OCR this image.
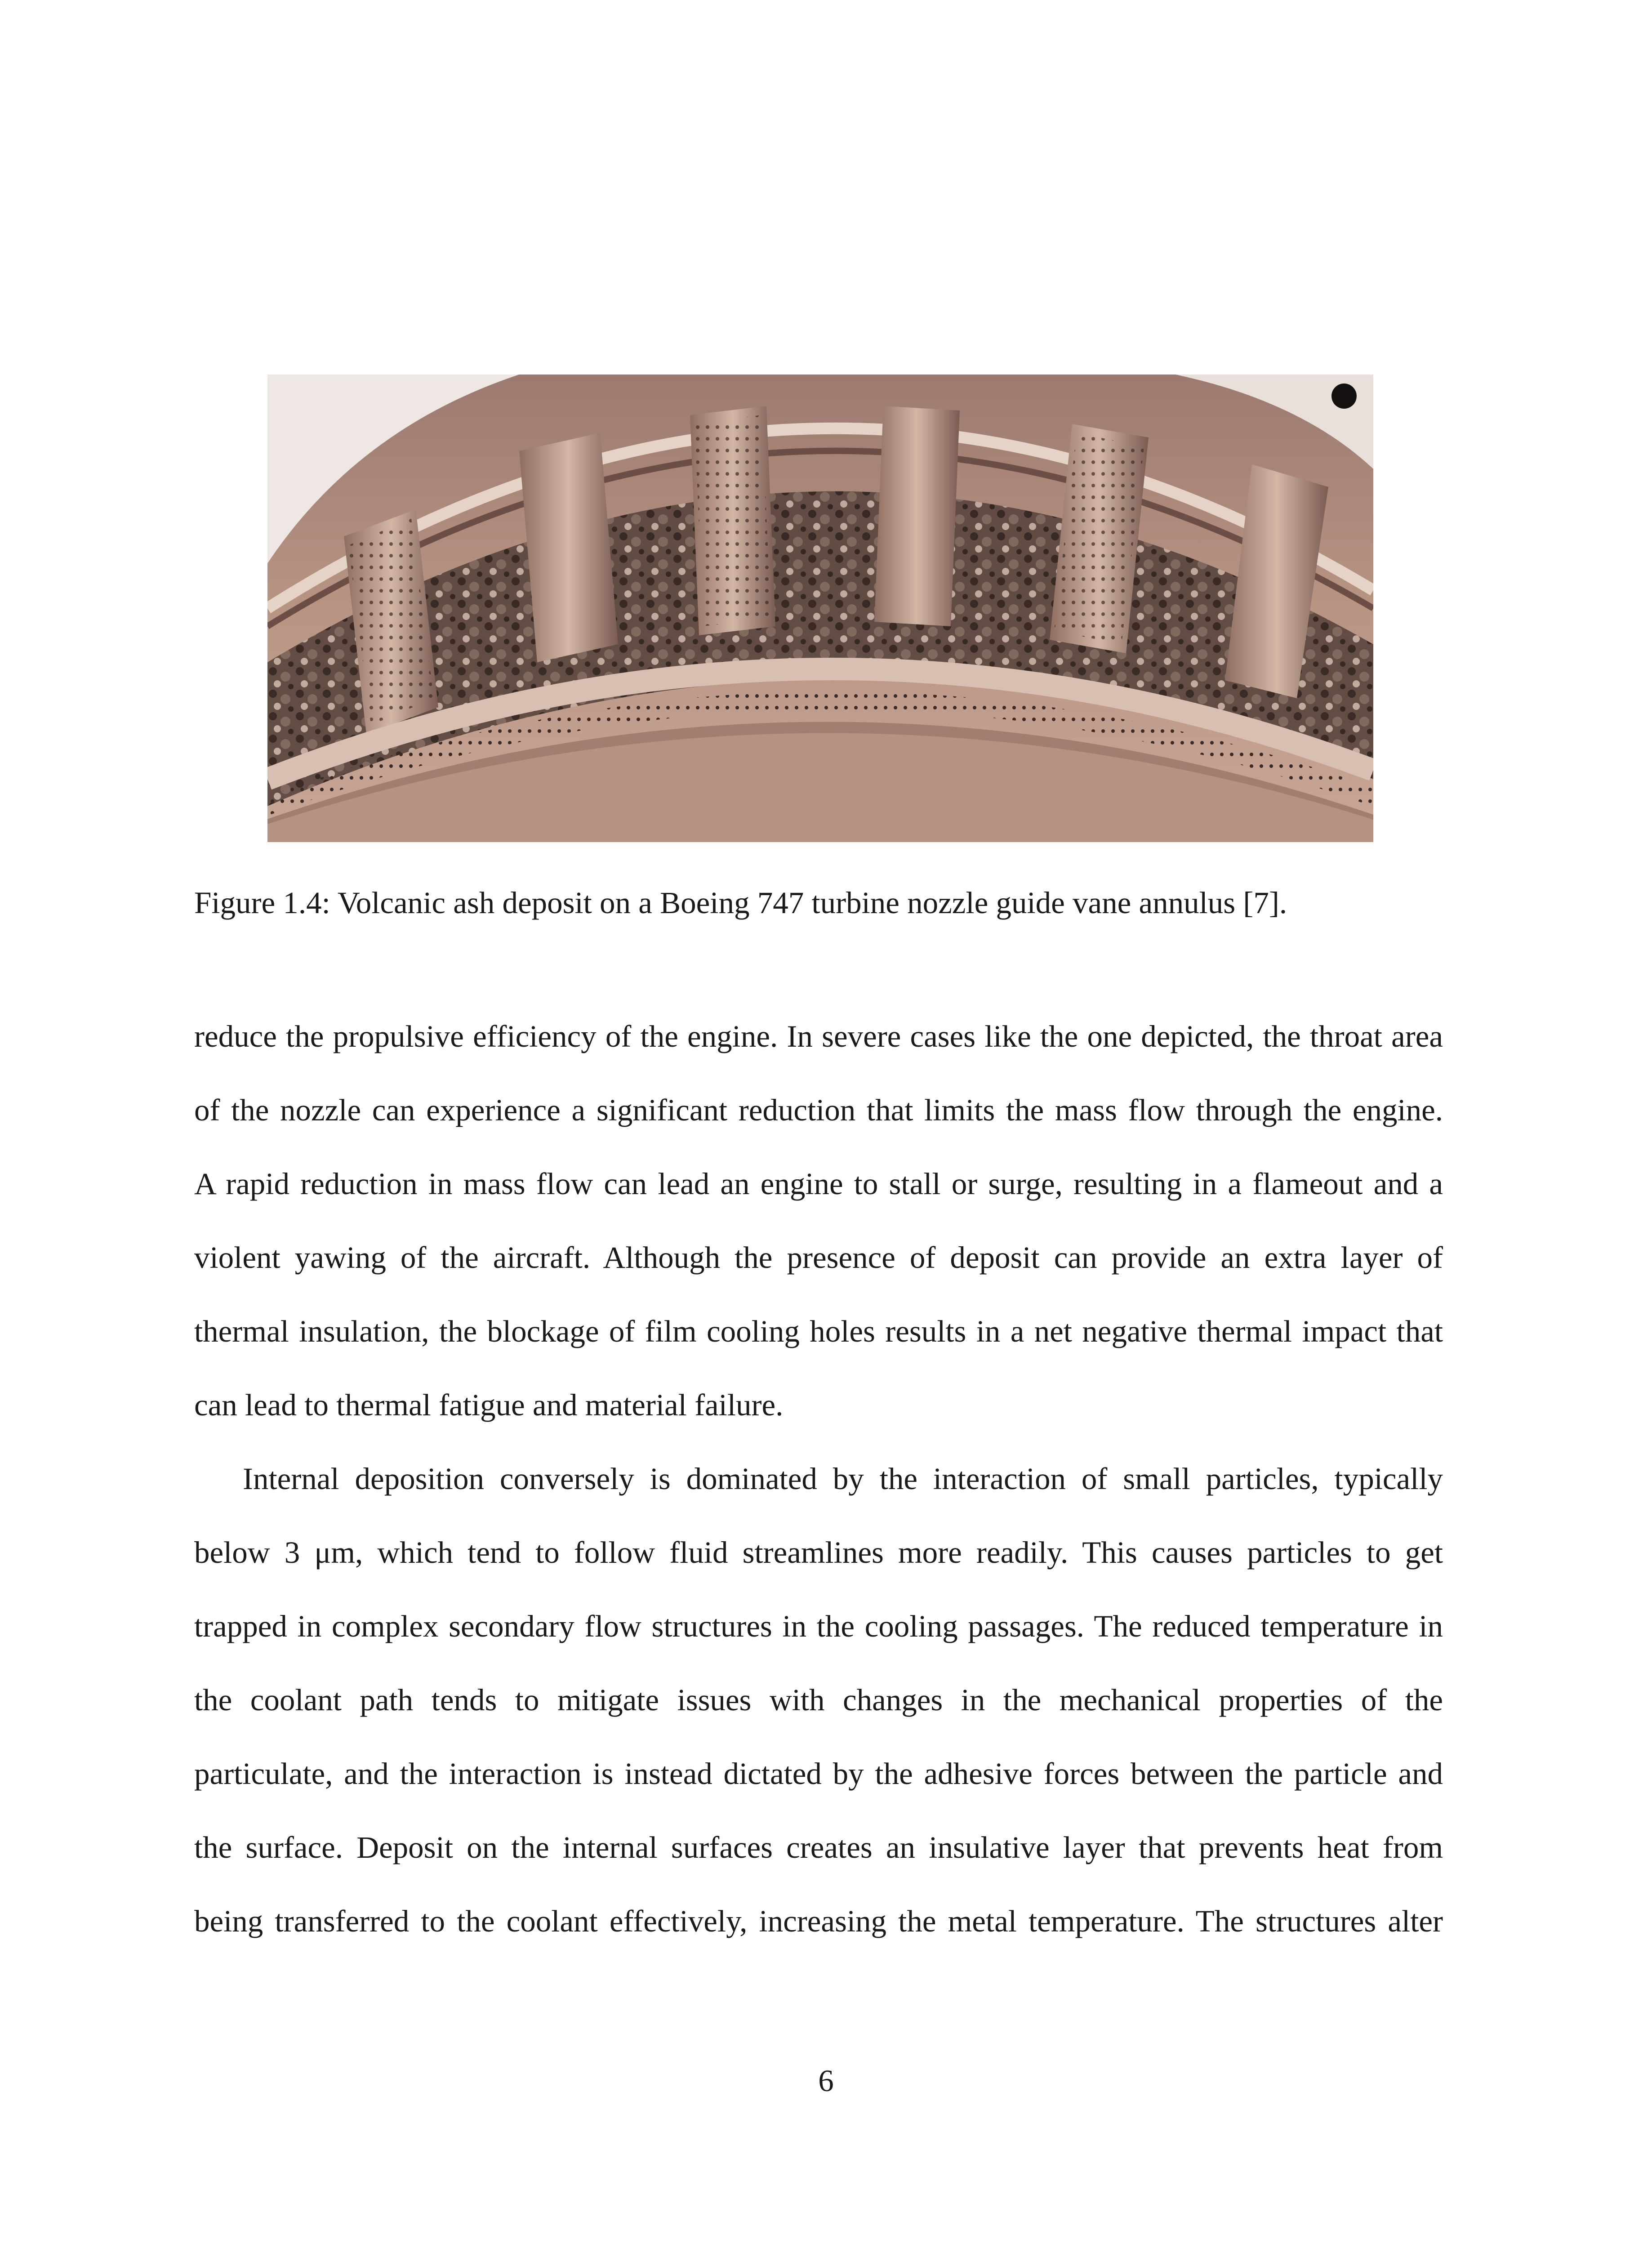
Figure 1.4: Volcanic ash deposit on a Boeing 747 turbine nozzle guide vane annulus [7].
reduce the propulsive efficiency of the engine. In severe cases like the one depicted, the throat area
of the nozzle can experience a significant reduction that limits the mass flow through the engine.
A rapid reduction in mass flow can lead an engine to stall or surge, resulting in a flameout and a
violent yawing of the aircraft. Although the presence of deposit can provide an extra layer of
thermal insulation, the blockage of film cooling holes results in a net negative thermal impact that
can lead to thermal fatigue and material failure.
Internal deposition conversely is dominated by the interaction of small particles, typically
below 3 μm, which tend to follow fluid streamlines more readily. This causes particles to get
trapped in complex secondary flow structures in the cooling passages. The reduced temperature in
the coolant path tends to mitigate issues with changes in the mechanical properties of the
particulate, and the interaction is instead dictated by the adhesive forces between the particle and
the surface. Deposit on the internal surfaces creates an insulative layer that prevents heat from
being transferred to the coolant effectively, increasing the metal temperature. The structures alter
6
